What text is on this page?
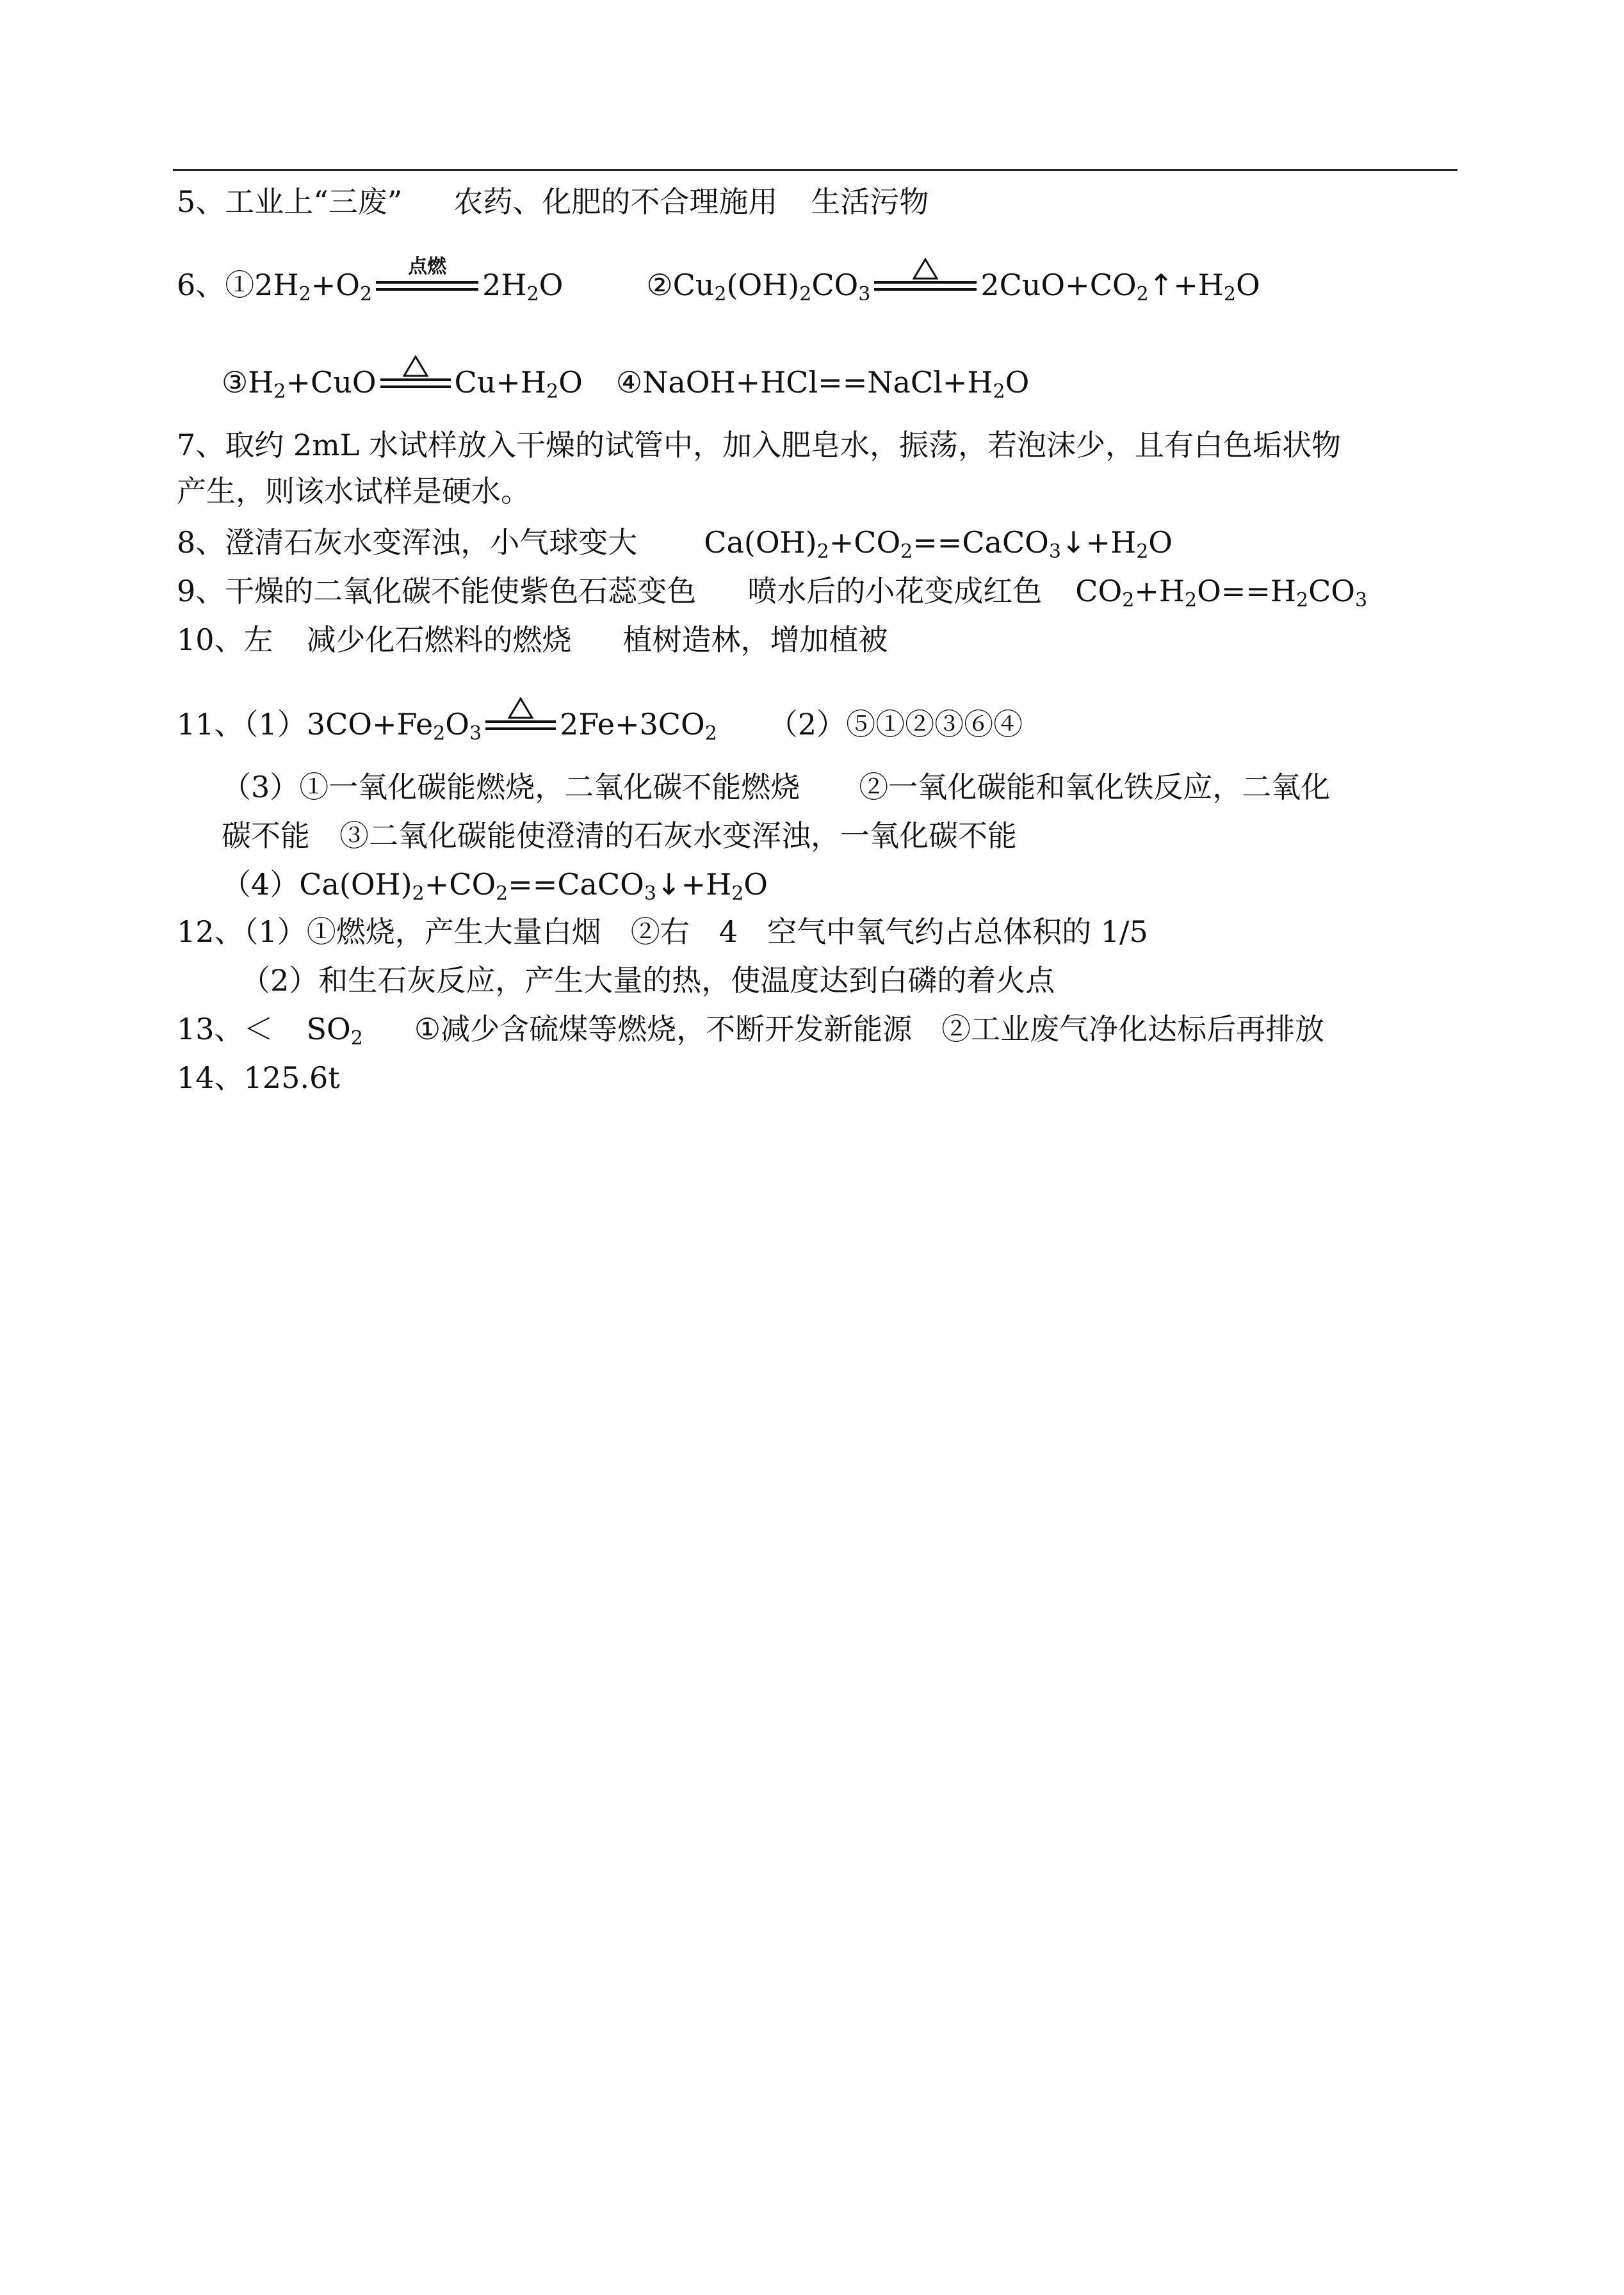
5、工业上“三废” 农药、化肥的不合理施用 生活污物
6、$①2H_2+O_2$
点燃
$2H_2O$	$②Cu_2(OH)_2CO_3$	$2CuO+CO_2↑+H_2O$
$③H_2+CuO$	$Cu+H_2O$ $④NaOH+HCl==NaCl+H_2O$
7、取约 2mL 水试样放入干燥的试管中，加入肥皂水，振荡，若泡沫少，且有白色垢状物
产生，则该水试样是硬水。
8、澄清石灰水变浑浊，小气球变大 $Ca(OH)_2+CO_2==CaCO_3↓+H_2O$
9、干燥的二氧化碳不能使紫色石蕊变色 喷水后的小花变成红色 $CO_2+H_2O==H_2CO_3$
10、左 减少化石燃料的燃烧 植树造林，增加植被
11、$(1)3CO+Fe_2O_3$	$2Fe+3CO_2$ （2）⑤①②③⑥④
（3）①一氧化碳能燃烧，二氧化碳不能燃烧　　②一氧化碳能和氧化铁反应，二氧化
碳不能　③二氧化碳能使澄清的石灰水变浑浊，一氧化碳不能
$(4)Ca(OH)_2+CO_2==CaCO_3↓+H_2O$
12、（1）①燃烧，产生大量白烟　②右　4　空气中氧气约占总体积的 1/5
（2）和生石灰反应，产生大量的热，使温度达到白磷的着火点
13、＜ $SO_2$ ①减少含硫煤等燃烧，不断开发新能源　②工业废气净化达标后再排放
14、125.6t
